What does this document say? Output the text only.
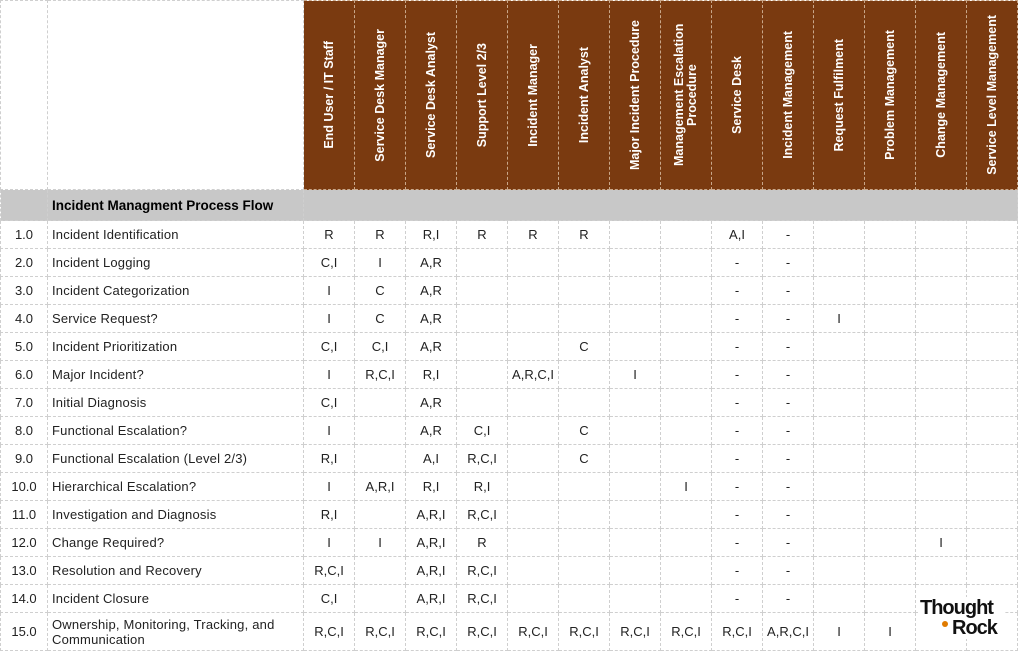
		End User / IT Staff	Service Desk Manager	Service Desk Analyst	Support Level 2/3	Incident Manager	Incident Analyst	Major Incident Procedure	Management Escalation Procedure	Service Desk	Incident Management	Request Fulfilment	Problem Management	Change Management	Service Level Management

	Incident Managment Process Flow														
1.0	Incident Identification	R	R	R,I	R	R	R			A,I	-				
2.0	Incident Logging	C,I	I	A,R						-	-				
3.0	Incident Categorization	I	C	A,R						-	-				
4.0	Service Request?	I	C	A,R						-	-	I			
5.0	Incident Prioritization	C,I	C,I	A,R			C			-	-				
6.0	Major Incident?	I	R,C,I	R,I		A,R,C,I		I		-	-				
7.0	Initial Diagnosis	C,I		A,R						-	-				
8.0	Functional Escalation?	I		A,R	C,I		C			-	-				
9.0	Functional Escalation (Level 2/3)	R,I		A,I	R,C,I		C			-	-				
10.0	Hierarchical Escalation?	I	A,R,I	R,I	R,I				I	-	-				
11.0	Investigation and Diagnosis	R,I		A,R,I	R,C,I					-	-				
12.0	Change Required?	I	I	A,R,I	R					-	-			I	
13.0	Resolution and Recovery	R,C,I		A,R,I	R,C,I					-	-				
14.0	Incident Closure	C,I		A,R,I	R,C,I					-	-				
15.0	Ownership, Monitoring, Tracking, and Communication	R,C,I	R,C,I	R,C,I	R,C,I	R,C,I	R,C,I	R,C,I	R,C,I	R,C,I	A,R,C,I	I	I		
Thought
Rock
